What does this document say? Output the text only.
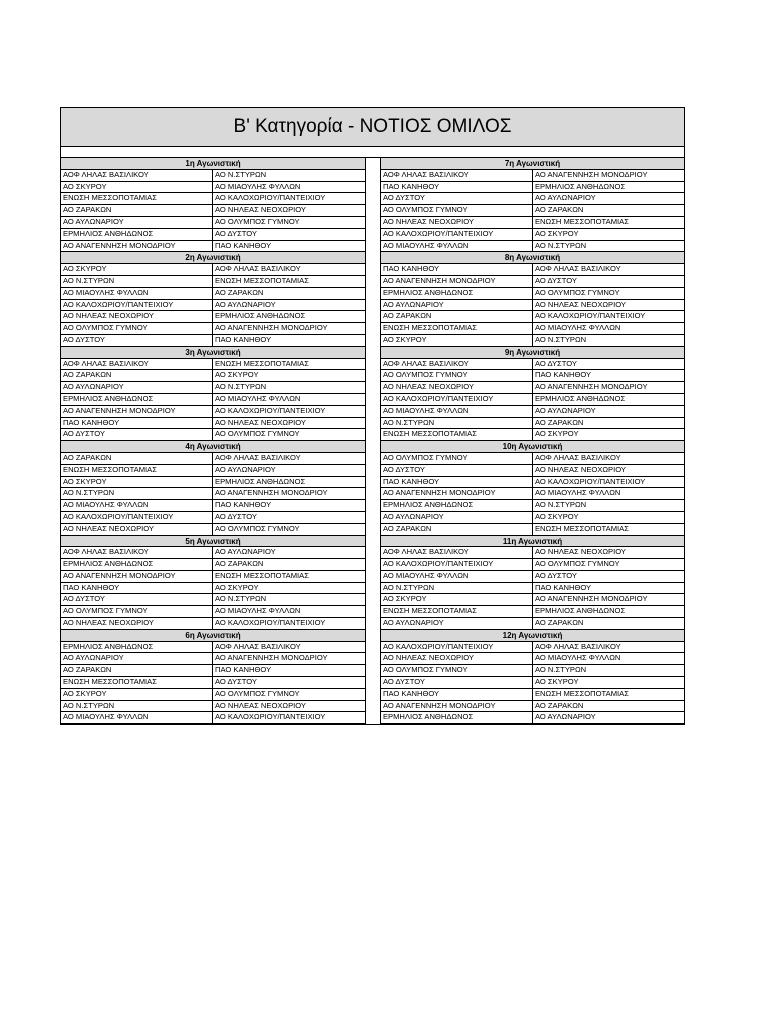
Β' Κατηγορία - ΝΟΤΙΟΣ ΟΜΙΛΟΣ
1η Αγωνιστική
ΑΟΦ ΛΗΛΑΣ ΒΑΣΙΛΙΚΟΥ	ΑΟ Ν.ΣΤΥΡΩΝ
ΑΟ ΣΚΥΡΟΥ	ΑΟ ΜΙΑΟΥΛΗΣ ΦΥΛΛΩΝ
ΕΝΩΣΗ ΜΕΣΣΟΠΟΤΑΜΙΑΣ	ΑΟ ΚΑΛΟΧΩΡΙΟΥ/ΠΑΝΤΕΙΧΙΟΥ
ΑΟ ΖΑΡΑΚΩΝ	ΑΟ ΝΗΛΕΑΣ ΝΕΟΧΩΡΙΟΥ
ΑΟ ΑΥΛΩΝΑΡΙΟΥ	ΑΟ ΟΛΥΜΠΟΣ ΓΥΜΝΟΥ
ΕΡΜΗΛΙΟΣ ΑΝΘΗΔΩΝΟΣ	ΑΟ ΔΥΣΤΟΥ
ΑΟ ΑΝΑΓΕΝΝΗΣΗ ΜΟΝΟΔΡΙΟΥ	ΠΑΟ ΚΑΝΗΘΟΥ
2η Αγωνιστική
ΑΟ ΣΚΥΡΟΥ	ΑΟΦ ΛΗΛΑΣ ΒΑΣΙΛΙΚΟΥ
ΑΟ Ν.ΣΤΥΡΩΝ	ΕΝΩΣΗ ΜΕΣΣΟΠΟΤΑΜΙΑΣ
ΑΟ ΜΙΑΟΥΛΗΣ ΦΥΛΛΩΝ	ΑΟ ΖΑΡΑΚΩΝ
ΑΟ ΚΑΛΟΧΩΡΙΟΥ/ΠΑΝΤΕΙΧΙΟΥ	ΑΟ ΑΥΛΩΝΑΡΙΟΥ
ΑΟ ΝΗΛΕΑΣ ΝΕΟΧΩΡΙΟΥ	ΕΡΜΗΛΙΟΣ ΑΝΘΗΔΩΝΟΣ
ΑΟ ΟΛΥΜΠΟΣ ΓΥΜΝΟΥ	ΑΟ ΑΝΑΓΕΝΝΗΣΗ ΜΟΝΟΔΡΙΟΥ
ΑΟ ΔΥΣΤΟΥ	ΠΑΟ ΚΑΝΗΘΟΥ
3η Αγωνιστική
ΑΟΦ ΛΗΛΑΣ ΒΑΣΙΛΙΚΟΥ	ΕΝΩΣΗ ΜΕΣΣΟΠΟΤΑΜΙΑΣ
ΑΟ ΖΑΡΑΚΩΝ	ΑΟ ΣΚΥΡΟΥ
ΑΟ ΑΥΛΩΝΑΡΙΟΥ	ΑΟ Ν.ΣΤΥΡΩΝ
ΕΡΜΗΛΙΟΣ ΑΝΘΗΔΩΝΟΣ	ΑΟ ΜΙΑΟΥΛΗΣ ΦΥΛΛΩΝ
ΑΟ ΑΝΑΓΕΝΝΗΣΗ ΜΟΝΟΔΡΙΟΥ	ΑΟ ΚΑΛΟΧΩΡΙΟΥ/ΠΑΝΤΕΙΧΙΟΥ
ΠΑΟ ΚΑΝΗΘΟΥ	ΑΟ ΝΗΛΕΑΣ ΝΕΟΧΩΡΙΟΥ
ΑΟ ΔΥΣΤΟΥ	ΑΟ ΟΛΥΜΠΟΣ ΓΥΜΝΟΥ
4η Αγωνιστική
ΑΟ ΖΑΡΑΚΩΝ	ΑΟΦ ΛΗΛΑΣ ΒΑΣΙΛΙΚΟΥ
ΕΝΩΣΗ ΜΕΣΣΟΠΟΤΑΜΙΑΣ	ΑΟ ΑΥΛΩΝΑΡΙΟΥ
ΑΟ ΣΚΥΡΟΥ	ΕΡΜΗΛΙΟΣ ΑΝΘΗΔΩΝΟΣ
ΑΟ Ν.ΣΤΥΡΩΝ	ΑΟ ΑΝΑΓΕΝΝΗΣΗ ΜΟΝΟΔΡΙΟΥ
ΑΟ ΜΙΑΟΥΛΗΣ ΦΥΛΛΩΝ	ΠΑΟ ΚΑΝΗΘΟΥ
ΑΟ ΚΑΛΟΧΩΡΙΟΥ/ΠΑΝΤΕΙΧΙΟΥ	ΑΟ ΔΥΣΤΟΥ
ΑΟ ΝΗΛΕΑΣ ΝΕΟΧΩΡΙΟΥ	ΑΟ ΟΛΥΜΠΟΣ ΓΥΜΝΟΥ
5η Αγωνιστική
ΑΟΦ ΛΗΛΑΣ ΒΑΣΙΛΙΚΟΥ	ΑΟ ΑΥΛΩΝΑΡΙΟΥ
ΕΡΜΗΛΙΟΣ ΑΝΘΗΔΩΝΟΣ	ΑΟ ΖΑΡΑΚΩΝ
ΑΟ ΑΝΑΓΕΝΝΗΣΗ ΜΟΝΟΔΡΙΟΥ	ΕΝΩΣΗ ΜΕΣΣΟΠΟΤΑΜΙΑΣ
ΠΑΟ ΚΑΝΗΘΟΥ	ΑΟ ΣΚΥΡΟΥ
ΑΟ ΔΥΣΤΟΥ	ΑΟ Ν.ΣΤΥΡΩΝ
ΑΟ ΟΛΥΜΠΟΣ ΓΥΜΝΟΥ	ΑΟ ΜΙΑΟΥΛΗΣ ΦΥΛΛΩΝ
ΑΟ ΝΗΛΕΑΣ ΝΕΟΧΩΡΙΟΥ	ΑΟ ΚΑΛΟΧΩΡΙΟΥ/ΠΑΝΤΕΙΧΙΟΥ
6η Αγωνιστική
ΕΡΜΗΛΙΟΣ ΑΝΘΗΔΩΝΟΣ	ΑΟΦ ΛΗΛΑΣ ΒΑΣΙΛΙΚΟΥ
ΑΟ ΑΥΛΩΝΑΡΙΟΥ	ΑΟ ΑΝΑΓΕΝΝΗΣΗ ΜΟΝΟΔΡΙΟΥ
ΑΟ ΖΑΡΑΚΩΝ	ΠΑΟ ΚΑΝΗΘΟΥ
ΕΝΩΣΗ ΜΕΣΣΟΠΟΤΑΜΙΑΣ	ΑΟ ΔΥΣΤΟΥ
ΑΟ ΣΚΥΡΟΥ	ΑΟ ΟΛΥΜΠΟΣ ΓΥΜΝΟΥ
ΑΟ Ν.ΣΤΥΡΩΝ	ΑΟ ΝΗΛΕΑΣ ΝΕΟΧΩΡΙΟΥ
ΑΟ ΜΙΑΟΥΛΗΣ ΦΥΛΛΩΝ	ΑΟ ΚΑΛΟΧΩΡΙΟΥ/ΠΑΝΤΕΙΧΙΟΥ
7η Αγωνιστική
ΑΟΦ ΛΗΛΑΣ ΒΑΣΙΛΙΚΟΥ	ΑΟ ΑΝΑΓΕΝΝΗΣΗ ΜΟΝΟΔΡΙΟΥ
ΠΑΟ ΚΑΝΗΘΟΥ	ΕΡΜΗΛΙΟΣ ΑΝΘΗΔΩΝΟΣ
ΑΟ ΔΥΣΤΟΥ	ΑΟ ΑΥΛΩΝΑΡΙΟΥ
ΑΟ ΟΛΥΜΠΟΣ ΓΥΜΝΟΥ	ΑΟ ΖΑΡΑΚΩΝ
ΑΟ ΝΗΛΕΑΣ ΝΕΟΧΩΡΙΟΥ	ΕΝΩΣΗ ΜΕΣΣΟΠΟΤΑΜΙΑΣ
ΑΟ ΚΑΛΟΧΩΡΙΟΥ/ΠΑΝΤΕΙΧΙΟΥ	ΑΟ ΣΚΥΡΟΥ
ΑΟ ΜΙΑΟΥΛΗΣ ΦΥΛΛΩΝ	ΑΟ Ν.ΣΤΥΡΩΝ
8η Αγωνιστική
ΠΑΟ ΚΑΝΗΘΟΥ	ΑΟΦ ΛΗΛΑΣ ΒΑΣΙΛΙΚΟΥ
ΑΟ ΑΝΑΓΕΝΝΗΣΗ ΜΟΝΟΔΡΙΟΥ	ΑΟ ΔΥΣΤΟΥ
ΕΡΜΗΛΙΟΣ ΑΝΘΗΔΩΝΟΣ	ΑΟ ΟΛΥΜΠΟΣ ΓΥΜΝΟΥ
ΑΟ ΑΥΛΩΝΑΡΙΟΥ	ΑΟ ΝΗΛΕΑΣ ΝΕΟΧΩΡΙΟΥ
ΑΟ ΖΑΡΑΚΩΝ	ΑΟ ΚΑΛΟΧΩΡΙΟΥ/ΠΑΝΤΕΙΧΙΟΥ
ΕΝΩΣΗ ΜΕΣΣΟΠΟΤΑΜΙΑΣ	ΑΟ ΜΙΑΟΥΛΗΣ ΦΥΛΛΩΝ
ΑΟ ΣΚΥΡΟΥ	ΑΟ Ν.ΣΤΥΡΩΝ
9η Αγωνιστική
ΑΟΦ ΛΗΛΑΣ ΒΑΣΙΛΙΚΟΥ	ΑΟ ΔΥΣΤΟΥ
ΑΟ ΟΛΥΜΠΟΣ ΓΥΜΝΟΥ	ΠΑΟ ΚΑΝΗΘΟΥ
ΑΟ ΝΗΛΕΑΣ ΝΕΟΧΩΡΙΟΥ	ΑΟ ΑΝΑΓΕΝΝΗΣΗ ΜΟΝΟΔΡΙΟΥ
ΑΟ ΚΑΛΟΧΩΡΙΟΥ/ΠΑΝΤΕΙΧΙΟΥ	ΕΡΜΗΛΙΟΣ ΑΝΘΗΔΩΝΟΣ
ΑΟ ΜΙΑΟΥΛΗΣ ΦΥΛΛΩΝ	ΑΟ ΑΥΛΩΝΑΡΙΟΥ
ΑΟ Ν.ΣΤΥΡΩΝ	ΑΟ ΖΑΡΑΚΩΝ
ΕΝΩΣΗ ΜΕΣΣΟΠΟΤΑΜΙΑΣ	ΑΟ ΣΚΥΡΟΥ
10η Αγωνιστική
ΑΟ ΟΛΥΜΠΟΣ ΓΥΜΝΟΥ	ΑΟΦ ΛΗΛΑΣ ΒΑΣΙΛΙΚΟΥ
ΑΟ ΔΥΣΤΟΥ	ΑΟ ΝΗΛΕΑΣ ΝΕΟΧΩΡΙΟΥ
ΠΑΟ ΚΑΝΗΘΟΥ	ΑΟ ΚΑΛΟΧΩΡΙΟΥ/ΠΑΝΤΕΙΧΙΟΥ
ΑΟ ΑΝΑΓΕΝΝΗΣΗ ΜΟΝΟΔΡΙΟΥ	ΑΟ ΜΙΑΟΥΛΗΣ ΦΥΛΛΩΝ
ΕΡΜΗΛΙΟΣ ΑΝΘΗΔΩΝΟΣ	ΑΟ Ν.ΣΤΥΡΩΝ
ΑΟ ΑΥΛΩΝΑΡΙΟΥ	ΑΟ ΣΚΥΡΟΥ
ΑΟ ΖΑΡΑΚΩΝ	ΕΝΩΣΗ ΜΕΣΣΟΠΟΤΑΜΙΑΣ
11η Αγωνιστική
ΑΟΦ ΛΗΛΑΣ ΒΑΣΙΛΙΚΟΥ	ΑΟ ΝΗΛΕΑΣ ΝΕΟΧΩΡΙΟΥ
ΑΟ ΚΑΛΟΧΩΡΙΟΥ/ΠΑΝΤΕΙΧΙΟΥ	ΑΟ ΟΛΥΜΠΟΣ ΓΥΜΝΟΥ
ΑΟ ΜΙΑΟΥΛΗΣ ΦΥΛΛΩΝ	ΑΟ ΔΥΣΤΟΥ
ΑΟ Ν.ΣΤΥΡΩΝ	ΠΑΟ ΚΑΝΗΘΟΥ
ΑΟ ΣΚΥΡΟΥ	ΑΟ ΑΝΑΓΕΝΝΗΣΗ ΜΟΝΟΔΡΙΟΥ
ΕΝΩΣΗ ΜΕΣΣΟΠΟΤΑΜΙΑΣ	ΕΡΜΗΛΙΟΣ ΑΝΘΗΔΩΝΟΣ
ΑΟ ΑΥΛΩΝΑΡΙΟΥ	ΑΟ ΖΑΡΑΚΩΝ
12η Αγωνιστική
ΑΟ ΚΑΛΟΧΩΡΙΟΥ/ΠΑΝΤΕΙΧΙΟΥ	ΑΟΦ ΛΗΛΑΣ ΒΑΣΙΛΙΚΟΥ
ΑΟ ΝΗΛΕΑΣ ΝΕΟΧΩΡΙΟΥ	ΑΟ ΜΙΑΟΥΛΗΣ ΦΥΛΛΩΝ
ΑΟ ΟΛΥΜΠΟΣ ΓΥΜΝΟΥ	ΑΟ Ν.ΣΤΥΡΩΝ
ΑΟ ΔΥΣΤΟΥ	ΑΟ ΣΚΥΡΟΥ
ΠΑΟ ΚΑΝΗΘΟΥ	ΕΝΩΣΗ ΜΕΣΣΟΠΟΤΑΜΙΑΣ
ΑΟ ΑΝΑΓΕΝΝΗΣΗ ΜΟΝΟΔΡΙΟΥ	ΑΟ ΖΑΡΑΚΩΝ
ΕΡΜΗΛΙΟΣ ΑΝΘΗΔΩΝΟΣ	ΑΟ ΑΥΛΩΝΑΡΙΟΥ
